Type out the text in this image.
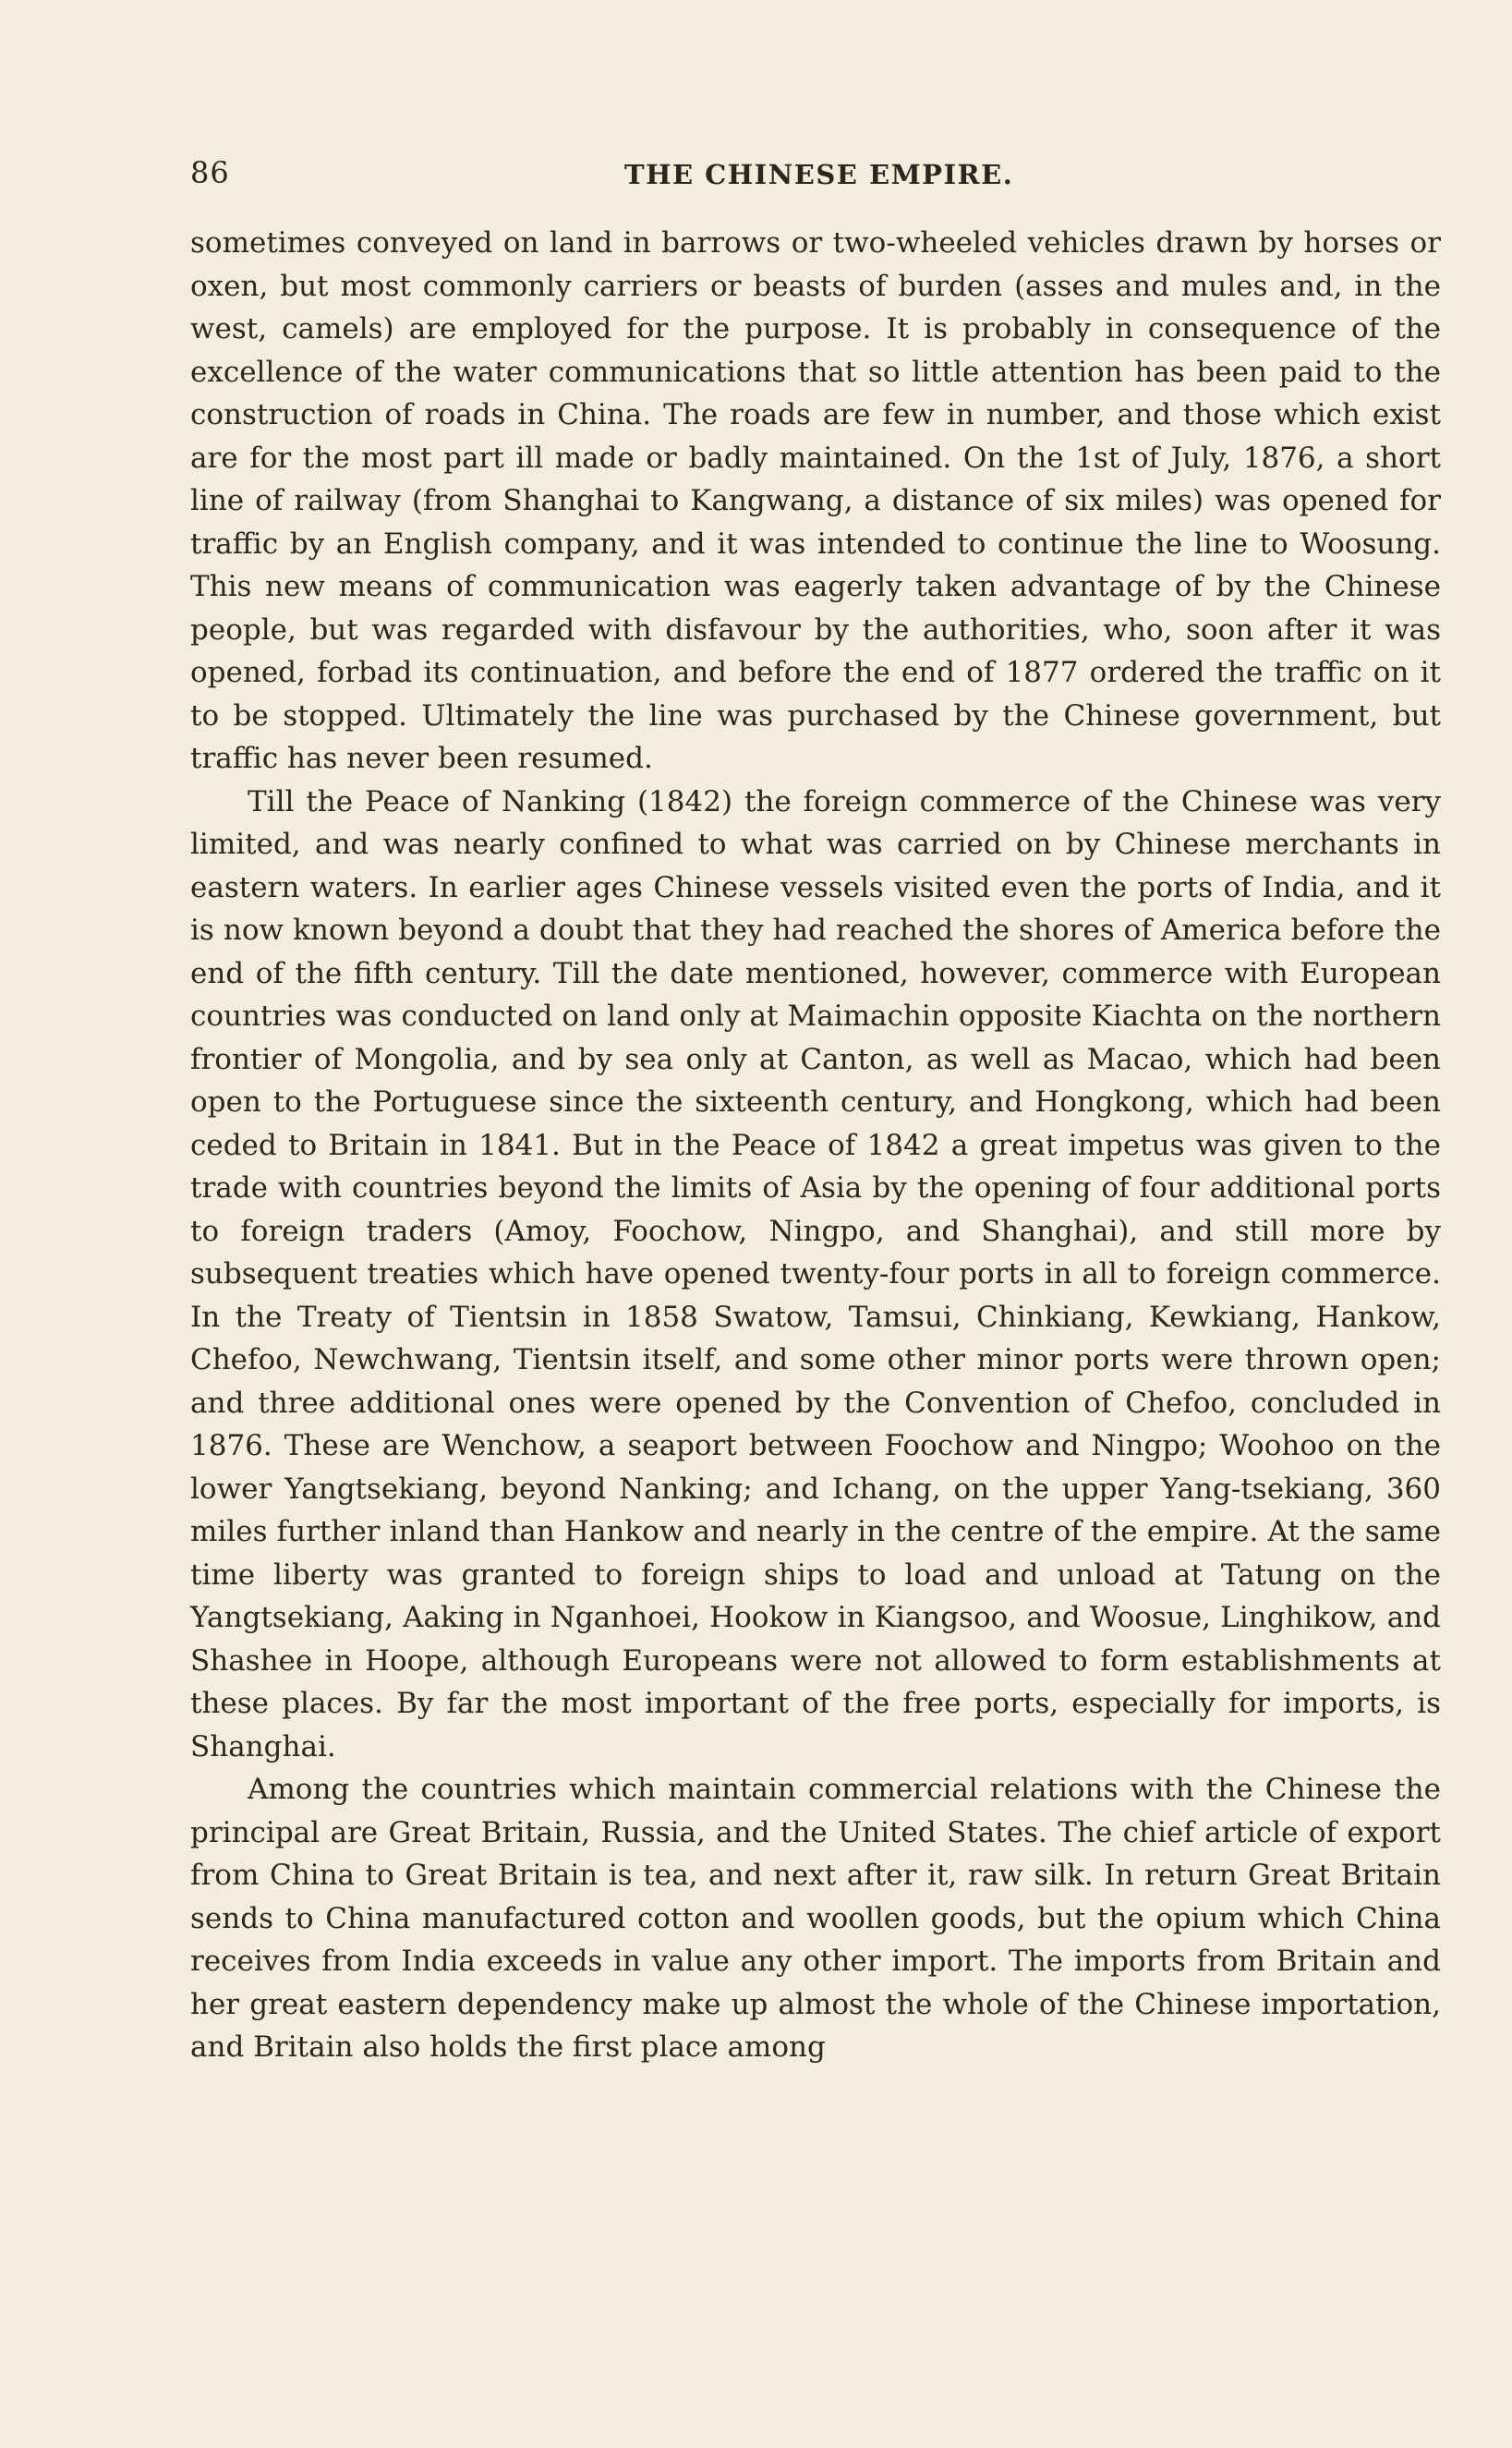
86	THE CHINESE EMPIRE.

sometimes conveyed on land in barrows or two-wheeled vehicles drawn by horses or oxen, but most commonly carriers or beasts of burden (asses and mules and, in the west, camels) are employed for the purpose. It is probably in consequence of the excellence of the water communications that so little attention has been paid to the construction of roads in China. The roads are few in number, and those which exist are for the most part ill made or badly maintained. On the 1st of July, 1876, a short line of railway (from Shanghai to Kangwang, a distance of six miles) was opened for traffic by an English company, and it was intended to continue the line to Woosung. This new means of communication was eagerly taken advantage of by the Chinese people, but was regarded with disfavour by the authorities, who, soon after it was opened, forbad its continuation, and before the end of 1877 ordered the traffic on it to be stopped. Ultimately the line was purchased by the Chinese government, but traffic has never been resumed.

Till the Peace of Nanking (1842) the foreign commerce of the Chinese was very limited, and was nearly confined to what was carried on by Chinese merchants in eastern waters. In earlier ages Chinese vessels visited even the ports of India, and it is now known beyond a doubt that they had reached the shores of America before the end of the fifth century. Till the date mentioned, however, commerce with European countries was conducted on land only at Maimachin opposite Kiachta on the northern frontier of Mongolia, and by sea only at Canton, as well as Macao, which had been open to the Portuguese since the sixteenth century, and Hongkong, which had been ceded to Britain in 1841. But in the Peace of 1842 a great impetus was given to the trade with countries beyond the limits of Asia by the opening of four additional ports to foreign traders (Amoy, Foochow, Ningpo, and Shanghai), and still more by subsequent treaties which have opened twenty-four ports in all to foreign commerce. In the Treaty of Tientsin in 1858 Swatow, Tamsui, Chinkiang, Kewkiang, Hankow, Chefoo, Newchwang, Tientsin itself, and some other minor ports were thrown open; and three additional ones were opened by the Convention of Chefoo, concluded in 1876. These are Wenchow, a seaport between Foochow and Ningpo; Woohoo on the lower Yangtsekiang, beyond Nanking; and Ichang, on the upper Yang-tsekiang, 360 miles further inland than Hankow and nearly in the centre of the empire. At the same time liberty was granted to foreign ships to load and unload at Tatung on the Yangtsekiang, Aaking in Nganhoei, Hookow in Kiangsoo, and Woosue, Linghikow, and Shashee in Hoope, although Europeans were not allowed to form establishments at these places. By far the most important of the free ports, especially for imports, is Shanghai.

Among the countries which maintain commercial relations with the Chinese the principal are Great Britain, Russia, and the United States. The chief article of export from China to Great Britain is tea, and next after it, raw silk. In return Great Britain sends to China manufactured cotton and woollen goods, but the opium which China receives from India exceeds in value any other import. The imports from Britain and her great eastern dependency make up almost the whole of the Chinese importation, and Britain also holds the first place among
